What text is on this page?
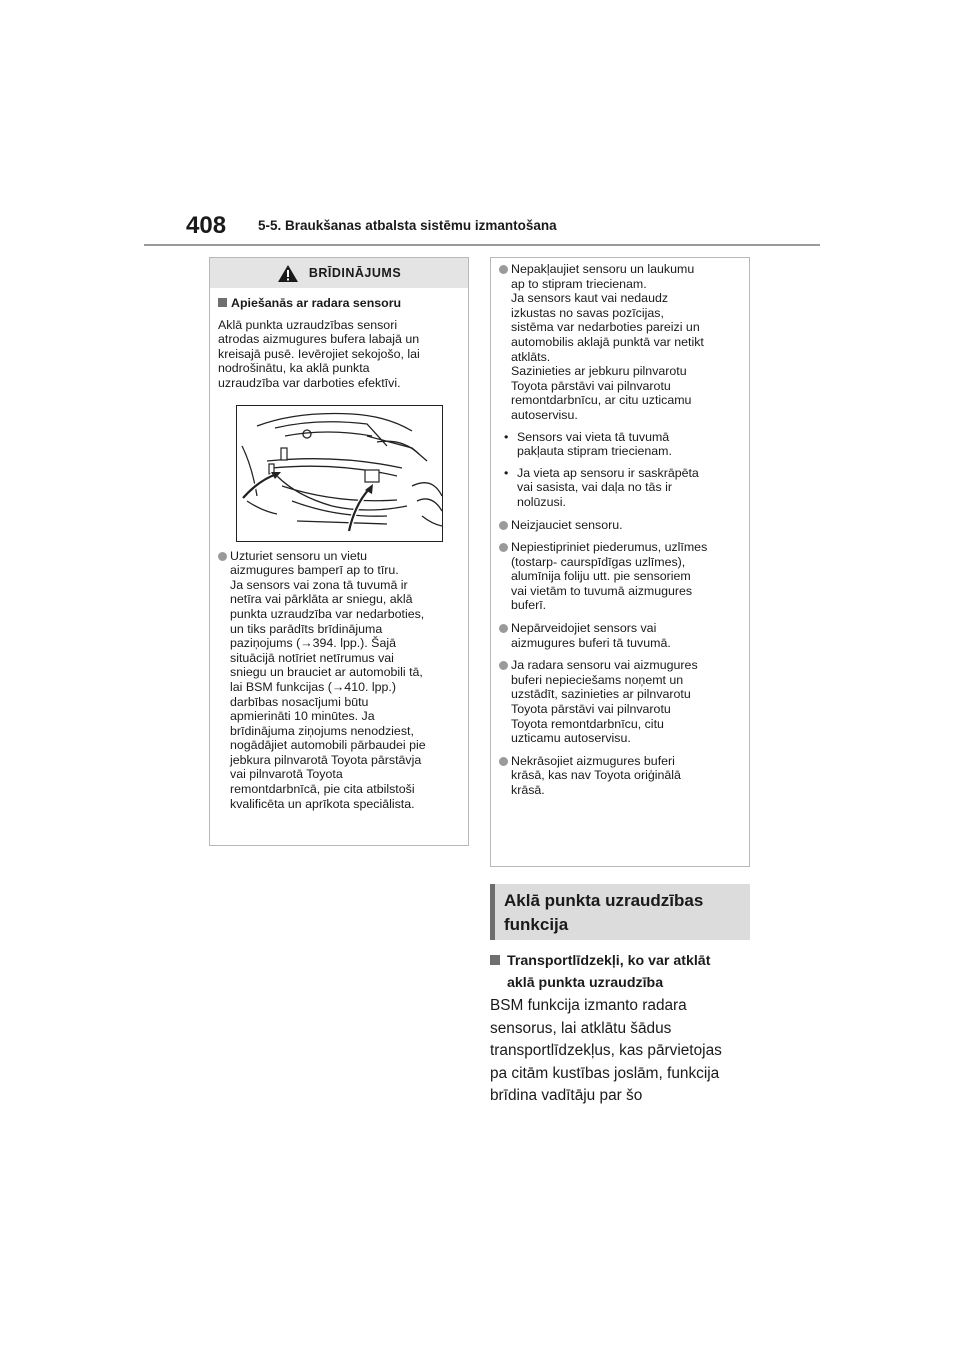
408 5-5. Braukšanas atbalsta sistēmu izmantošana
BRĪDINĀJUMS
Apiešanās ar radara sensoru
Aklā punkta uzraudzības sensori
atrodas aizmugures bufera labajā un
kreisajā pusē. Ievērojiet sekojošo, lai
nodrošinātu, ka aklā punkta
uzraudzība var darboties efektīvi.
Uzturiet sensoru un vietu
aizmugures bamperī ap to tīru.
Ja sensors vai zona tā tuvumā ir
netīra vai pārklāta ar sniegu, aklā
punkta uzraudzība var nedarboties,
un tiks parādīts brīdinājuma
paziņojums (→394. lpp.). Šajā
situācijā notīriet netīrumus vai
sniegu un brauciet ar automobili tā,
lai BSM funkcijas (→410. lpp.)
darbības nosacījumi būtu
apmierināti 10 minūtes. Ja
brīdinājuma ziņojums nenodziest,
nogādājiet automobili pārbaudei pie
jebkura pilnvarotā Toyota pārstāvja
vai pilnvarotā Toyota
remontdarbnīcā, pie cita atbilstoši
kvalificēta un aprīkota speciālista.
Nepakļaujiet sensoru un laukumu
ap to stipram triecienam.
Ja sensors kaut vai nedaudz
izkustas no savas pozīcijas,
sistēma var nedarboties pareizi un
automobilis aklajā punktā var netikt
atklāts.
Sazinieties ar jebkuru pilnvarotu
Toyota pārstāvi vai pilnvarotu
remontdarbnīcu, ar citu uzticamu
autoservisu.
• Sensors vai vieta tā tuvumā
pakļauta stipram triecienam.
• Ja vieta ap sensoru ir saskrāpēta
vai sasista, vai daļa no tās ir
nolūzusi.
Neizjauciet sensoru.
Nepiestipriniet piederumus, uzlīmes
(tostarp- caurspīdīgas uzlīmes),
alumīnija foliju utt. pie sensoriem
vai vietām to tuvumā aizmugures
buferī.
Nepārveidojiet sensors vai
aizmugures buferi tā tuvumā.
Ja radara sensoru vai aizmugures
buferi nepieciešams noņemt un
uzstādīt, sazinieties ar pilnvarotu
Toyota pārstāvi vai pilnvarotu
Toyota remontdarbnīcu, citu
uzticamu autoservisu.
Nekrāsojiet aizmugures buferi
krāsā, kas nav Toyota oriģinālā
krāsā.
Aklā punkta uzraudzības
funkcija
Transportlīdzekļi, ko var atklāt
aklā punkta uzraudzība
BSM funkcija izmanto radara
sensorus, lai atklātu šādus
transportlīdzekļus, kas pārvietojas
pa citām kustības joslām, funkcija
brīdina vadītāju par šo
